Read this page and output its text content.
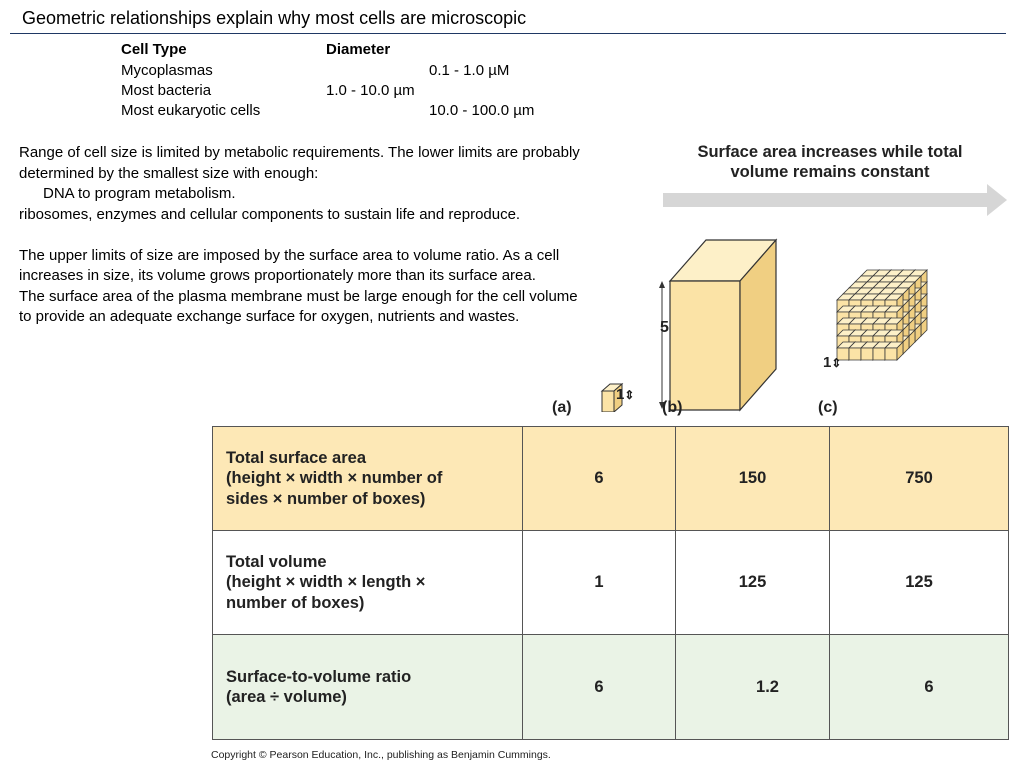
Geometric relationships explain why most cells are microscopic
Cell Type	Diameter
Mycoplasmas	0.1 - 1.0 µM
Most bacteria	1.0 - 10.0 µm
Most eukaryotic cells	10.0 - 100.0 µm

Range of cell size is limited by metabolic requirements. The lower limits are probably determined by the smallest size with enough:

DNA to program metabolism.

ribosomes, enzymes and cellular components to sustain life and reproduce.

The upper limits of size are imposed by the surface area to volume ratio. As a cell increases in size, its volume grows proportionately more than its surface area.

The surface area of the plasma membrane must be large enough for the cell volume to provide an adequate exchange surface for oxygen, nutrients and wastes.

Surface area increases while total
volume remains constant
1⇕
5
1⇕
(a)	(b)	(c)
Total surface area
(height × width × number of
sides × number of boxes)	6	150	750

Total volume
(height × width × length ×
number of boxes)	1	125	125

Surface-to-volume ratio
(area ÷ volume)	6	1.2	6
Copyright © Pearson Education, Inc., publishing as Benjamin Cummings.
